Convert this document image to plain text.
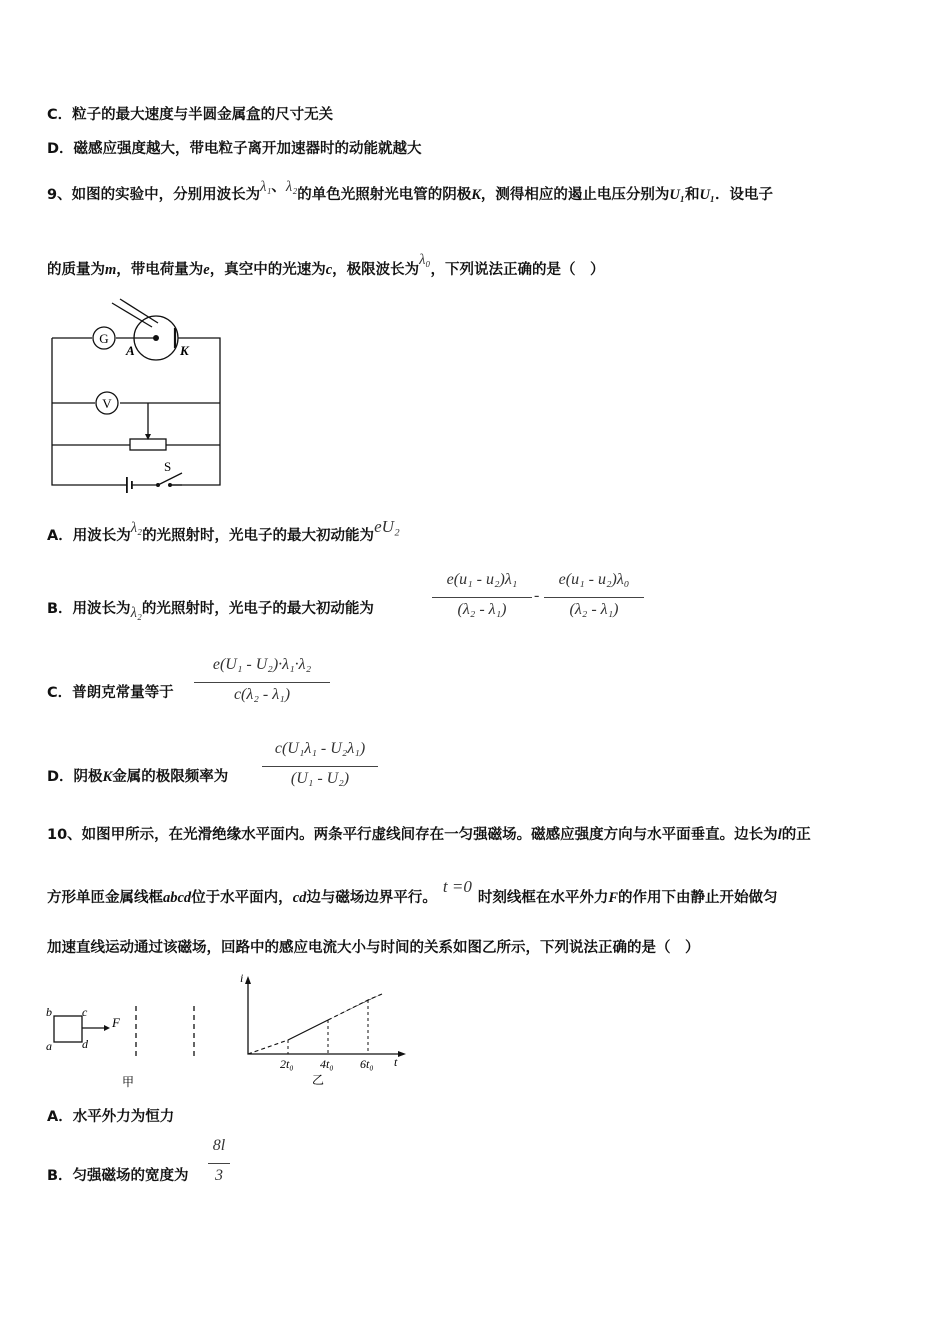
C．粒子的最大速度与半圆金属盒的尺寸无关
D．磁感应强度越大，带电粒子离开加速器时的动能就越大
9、如图的实验中，分别用波长为λ₁、λ₂的单色光照射光电管的阴极K，测得相应的遏止电压分别为U₁和U₁．设电子
的质量为m，带电荷量为e，真空中的光速为c，极限波长为λ₀，下列说法正确的是（　）
G
V
A	K
S
A．用波长为λ₂的光照射时，光电子的最大初动能为eU₂
B．用波长为λ₂的光照射时，光电子的最大初动能为
e(u₁ - u₂)λ₁
(λ₂ - λ₁)
-
e(u₁ - u₂)λ₀
(λ₂ - λ₁)
C．普朗克常量等于
e(U₁ - U₂)·λ₁·λ₂
c(λ₂ - λ₁)
D．阴极K金属的极限频率为
c(U₁λ₁ - U₂λ₁)
(U₁ - U₂)
10、如图甲所示，在光滑绝缘水平面内。两条平行虚线间存在一匀强磁场。磁感应强度方向与水平面垂直。边长为l的正
方形单匝金属线框abcd位于水平面内，cd边与磁场边界平行。t =0时刻线框在水平外力F的作用下由静止开始做匀
加速直线运动通过该磁场，回路中的感应电流大小与时间的关系如图乙所示，下列说法正确的是（　）
b	c
a	d
F
甲
i
t
2t₀ 4t₀ 6t₀
乙
A．水平外力为恒力
B．匀强磁场的宽度为
8l
3
